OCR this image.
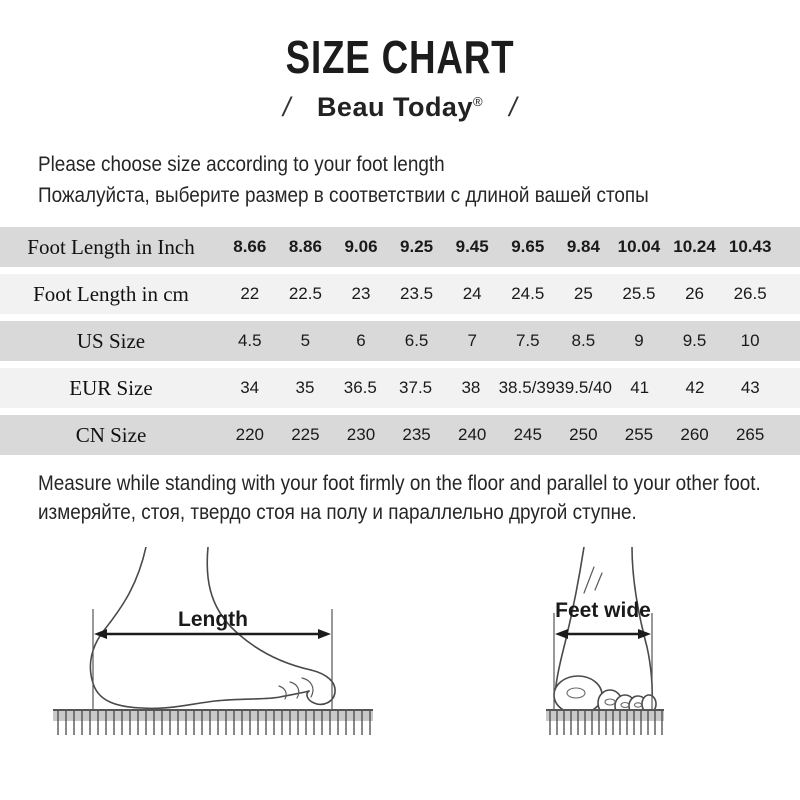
SIZE CHART
/ Beau Today® /
Please choose size according to your foot length
Пожалуйста, выберите размер в соответствии с длиной вашей стопы
Foot Length in Inch	8.66	8.86	9.06	9.25	9.45	9.65	9.84	10.04 10.24 10.43
Foot Length in cm	22	22.5	23	23.5	24	24.5	25	25.5	26	26.5
US Size	4.5	5	6	6.5	7	7.5	8.5	9	9.5	10
EUR Size	34	35	36.5	37.5	38	38.5/39 39.5/40	41	42	43
CN Size	220	225	230	235	240	245	250	255	260	265
Measure while standing with your foot firmly on the floor and parallel to your other foot.
измеряйте, стоя, твердо стоя на полу и параллельно другой ступне.
Length	Feet wide
